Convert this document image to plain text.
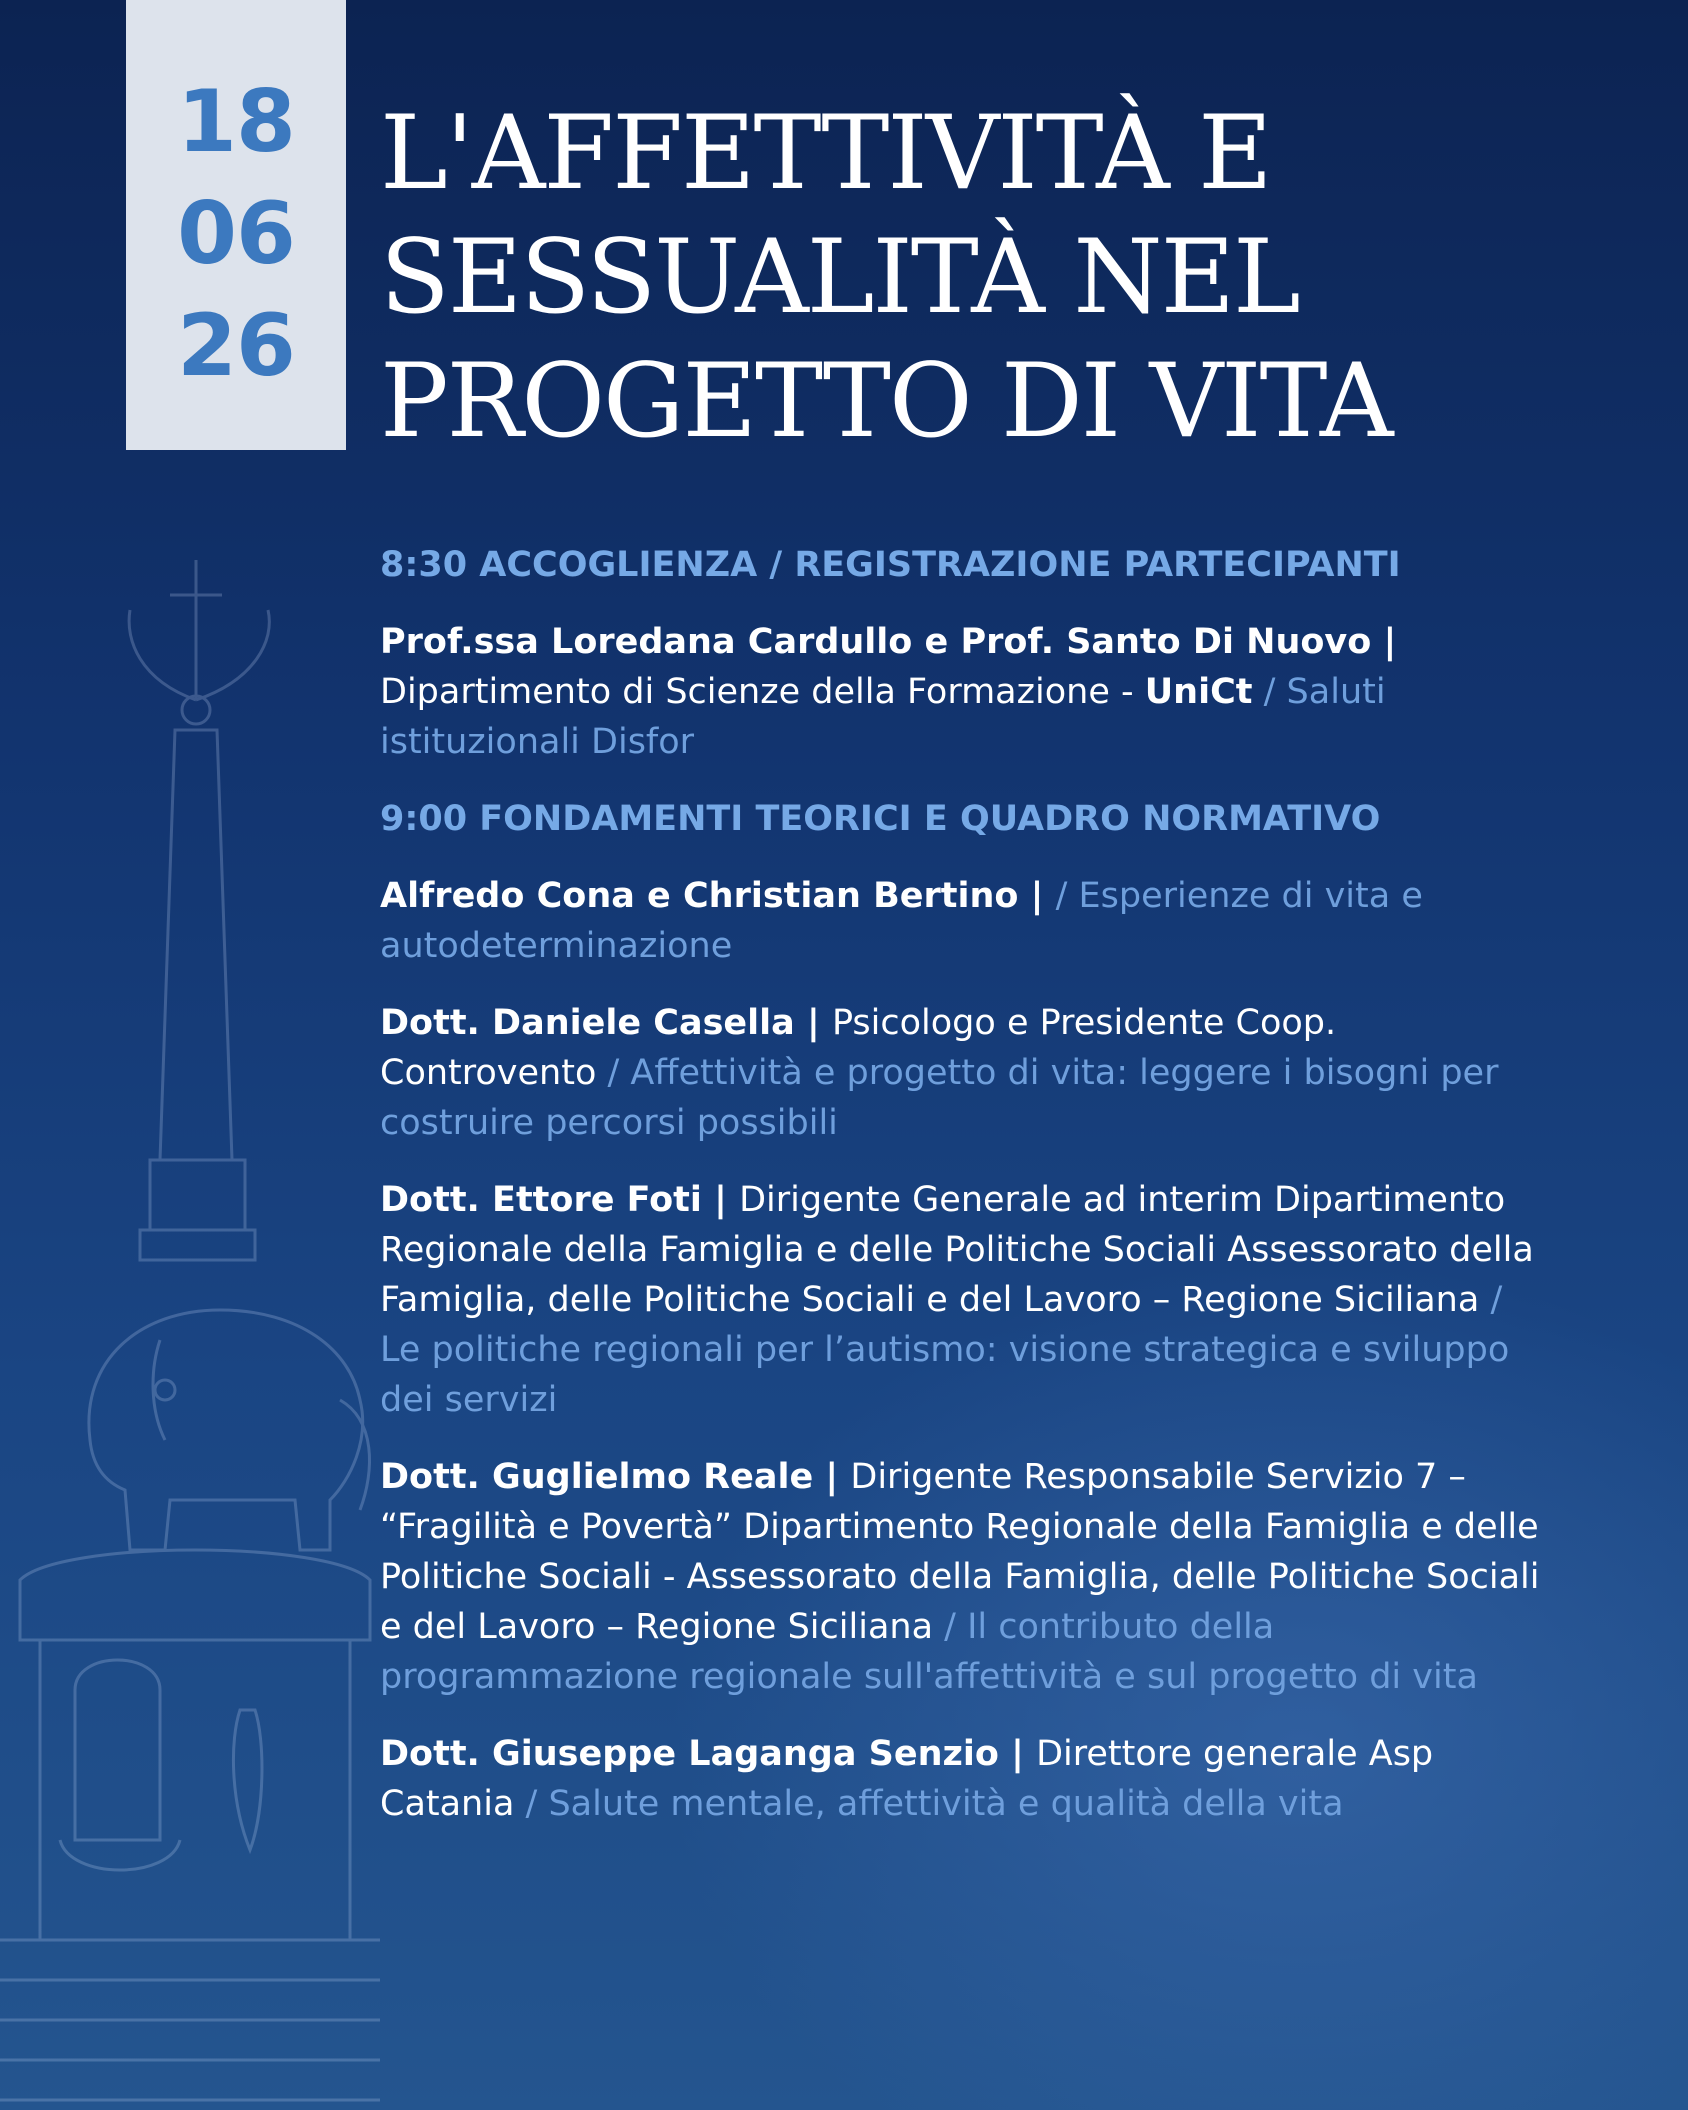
18
06
26
L'AFFETTIVITÀ E
SESSUALITÀ NEL
PROGETTO DI VITA
8:30 ACCOGLIENZA / REGISTRAZIONE PARTECIPANTI
Prof.ssa Loredana Cardullo e Prof. Santo Di Nuovo | Dipartimento di Scienze della Formazione - UniCt / Saluti istituzionali Disfor
9:00 FONDAMENTI TEORICI E QUADRO NORMATIVO
Alfredo Cona e Christian Bertino | / Esperienze di vita e autodeterminazione
Dott. Daniele Casella | Psicologo e Presidente Coop. Controvento / Affettività e progetto di vita: leggere i bisogni per costruire percorsi possibili
Dott. Ettore Foti | Dirigente Generale ad interim Dipartimento Regionale della Famiglia e delle Politiche Sociali Assessorato della Famiglia, delle Politiche Sociali e del Lavoro – Regione Siciliana / Le politiche regionali per l’autismo: visione strategica e sviluppo dei servizi
Dott. Guglielmo Reale | Dirigente Responsabile Servizio 7 – “Fragilità e Povertà” Dipartimento Regionale della Famiglia e delle Politiche Sociali - Assessorato della Famiglia, delle Politiche Sociali e del Lavoro – Regione Siciliana / Il contributo della programmazione regionale sull'affettività e sul progetto di vita
Dott. Giuseppe Laganga Senzio | Direttore generale Asp Catania / Salute mentale, affettività e qualità della vita
